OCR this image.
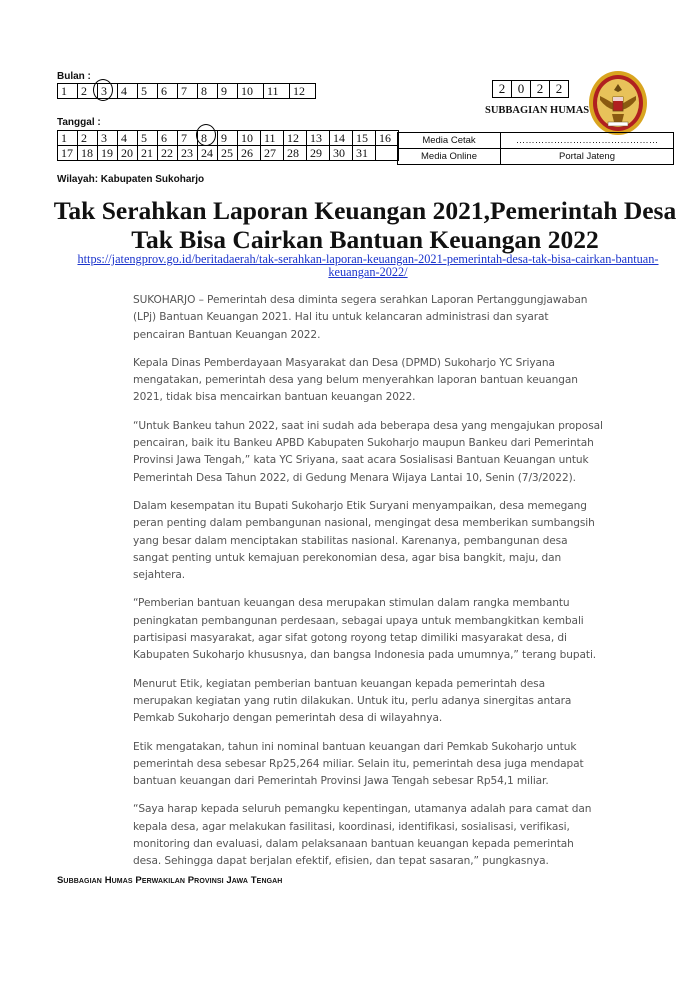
Bulan :
1	2	3	4	5	6	7	8	9	10	11	12
Tanggal :
1	2	3	4	5	6	7	8	9	10	11	12	13	14	15	16
17	18	19	20	21	22	23	24	25	26	27	28	29	30	31	
2	0	2	2
SUBBAGIAN HUMAS
Media Cetak	………………………………………
Media Online	Portal Jateng
Wilayah: Kabupaten Sukoharjo
Tak Serahkan Laporan Keuangan 2021,Pemerintah Desa Tak Bisa Cairkan Bantuan Keuangan 2022
https://jatengprov.go.id/beritadaerah/tak-serahkan-laporan-keuangan-2021-pemerintah-desa-tak-bisa-cairkan-bantuan-keuangan-2022/

SUKOHARJO – Pemerintah desa diminta segera serahkan Laporan Pertanggungjawaban (LPj) Bantuan Keuangan 2021. Hal itu untuk kelancaran administrasi dan syarat pencairan Bantuan Keuangan 2022.

Kepala Dinas Pemberdayaan Masyarakat dan Desa (DPMD) Sukoharjo YC Sriyana mengatakan, pemerintah desa yang belum menyerahkan laporan bantuan keuangan 2021, tidak bisa mencairkan bantuan keuangan 2022.

“Untuk Bankeu tahun 2022, saat ini sudah ada beberapa desa yang mengajukan proposal pencairan, baik itu Bankeu APBD Kabupaten Sukoharjo maupun Bankeu dari Pemerintah Provinsi Jawa Tengah,” kata YC Sriyana, saat acara Sosialisasi Bantuan Keuangan untuk Pemerintah Desa Tahun 2022, di Gedung Menara Wijaya Lantai 10, Senin (7/3/2022).

Dalam kesempatan itu Bupati Sukoharjo Etik Suryani menyampaikan, desa memegang peran penting dalam pembangunan nasional, mengingat desa memberikan sumbangsih yang besar dalam menciptakan stabilitas nasional. Karenanya, pembangunan desa sangat penting untuk kemajuan perekonomian desa, agar bisa bangkit, maju, dan sejahtera.

“Pemberian bantuan keuangan desa merupakan stimulan dalam rangka membantu peningkatan pembangunan perdesaan, sebagai upaya untuk membangkitkan kembali partisipasi masyarakat, agar sifat gotong royong tetap dimiliki masyarakat desa, di Kabupaten Sukoharjo khususnya, dan bangsa Indonesia pada umumnya,” terang bupati.

Menurut Etik, kegiatan pemberian bantuan keuangan kepada pemerintah desa merupakan kegiatan yang rutin dilakukan. Untuk itu, perlu adanya sinergitas antara Pemkab Sukoharjo dengan pemerintah desa di wilayahnya.

Etik mengatakan, tahun ini nominal bantuan keuangan dari Pemkab Sukoharjo untuk pemerintah desa sebesar Rp25,264 miliar. Selain itu, pemerintah desa juga mendapat bantuan keuangan dari Pemerintah Provinsi Jawa Tengah sebesar Rp54,1 miliar.

“Saya harap kepada seluruh pemangku kepentingan, utamanya adalah para camat dan kepala desa, agar melakukan fasilitasi, koordinasi, identifikasi, sosialisasi, verifikasi, monitoring dan evaluasi, dalam pelaksanaan bantuan keuangan kepada pemerintah desa. Sehingga dapat berjalan efektif, efisien, dan tepat sasaran,” pungkasnya.

Subbagian Humas Perwakilan Provinsi Jawa Tengah
